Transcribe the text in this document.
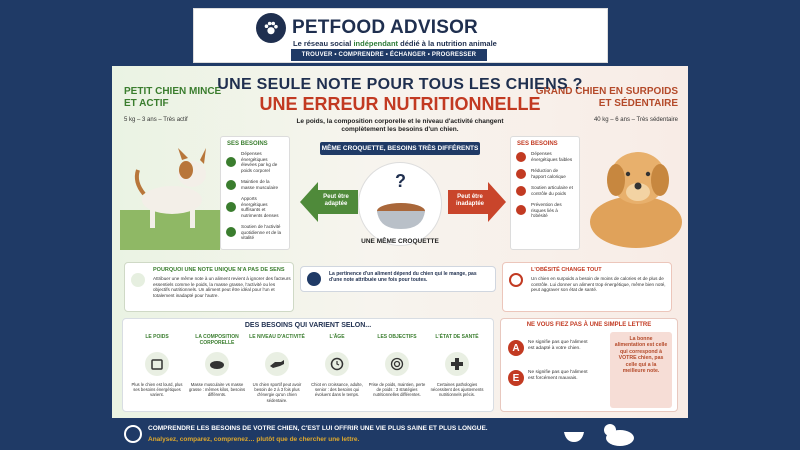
PETFOOD ADVISOR
Le réseau social indépendant dédié à la nutrition animale
TROUVER • COMPRENDRE • ÉCHANGER • PROGRESSER
PETIT CHIEN MINCE
ET ACTIF
5 kg – 3 ans – Très actif
GRAND CHIEN EN SURPOIDS
ET SÉDENTAIRE
40 kg – 6 ans – Très sédentaire
UNE SEULE NOTE POUR TOUS LES CHIENS ?
UNE ERREUR NUTRITIONNELLE
Le poids, la composition corporelle et le niveau d'activité changent complètement les besoins d'un chien.
MÊME CROQUETTE, BESOINS TRÈS DIFFÉRENTS
SES BESOINS
Dépenses énergétiques élevées par kg de poids corporel
Maintien de la masse musculaire
Apports énergétiques suffisants et nutriments denses
Soutien de l'activité quotidienne et de la vitalité
Peut être adaptée
Peut être inadaptée
?
UNE MÊME CROQUETTE
SES BESOINS
Dépenses énergétiques faibles
Réduction de l'apport calorique
Soutien articulaire et contrôle du poids
Prévention des risques liés à l'obésité
POURQUOI UNE NOTE UNIQUE N'A PAS DE SENS
Attribuer une même note à un aliment revient à ignorer des facteurs essentiels comme le poids, la masse grasse, l'activité ou les objectifs nutritionnels. Un aliment peut être idéal pour l'un et totalement inadapté pour l'autre.
La pertinence d'un aliment dépend du chien qui le mange, pas d'une note attribuée une fois pour toutes.
L'OBÉSITÉ CHANGE TOUT
Un chien en surpoids a besoin de moins de calories et de plus de contrôle. Lui donner un aliment trop énergétique, même bien noté, peut aggraver son état de santé.
DES BESOINS QUI VARIENT SELON...
LE POIDS
Plus le chien est lourd, plus ses besoins énergétiques varient.
LA COMPOSITION CORPORELLE
Masse musculaire vs masse grasse : mêmes kilos, besoins différents.
LE NIVEAU D'ACTIVITÉ
Un chien sportif peut avoir besoin de 2 à 3 fois plus d'énergie qu'un chien sédentaire.
L'ÂGE
Chiot en croissance, adulte, senior : des besoins qui évoluent dans le temps.
LES OBJECTIFS
Prise de poids, maintien, perte de poids : 3 stratégies nutritionnelles différentes.
L'ÉTAT DE SANTÉ
Certaines pathologies nécessitent des ajustements nutritionnels précis.
NE VOUS FIEZ PAS À UNE SIMPLE LETTRE
A	Ne signifie pas que l'aliment est adapté à votre chien.
E	Ne signifie pas que l'aliment est forcément mauvais.
La bonne alimentation est celle qui correspond à VOTRE chien, pas celle qui a la meilleure note.
COMPRENDRE LES BESOINS DE VOTRE CHIEN, C'EST LUI OFFRIR UNE VIE PLUS SAINE ET PLUS LONGUE.
Analysez, comparez, comprenez… plutôt que de chercher une lettre.
